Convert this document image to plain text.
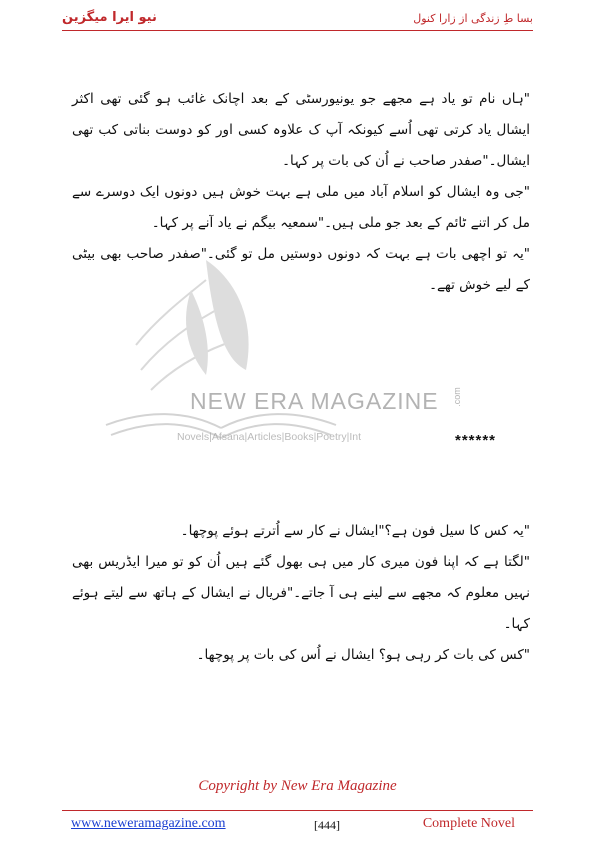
نیو ایرا میگزین	بسا طِ زندگی از زارا کنول
NEW ERA MAGAZINE .com
Novels|Afsana|Articles|Books|Poetry|Int

"ہاں نام تو یاد ہے مجھے جو یونیورسٹی کے بعد اچانک غائب ہو گئی تھی اکثر ایشال یاد کرتی تھی اُسے کیونکہ آپ ک علاوہ کسی اور کو دوست بناتی کب تھی ایشال۔"صفدر صاحب نے اُن کی بات پر کہا۔

"جی وہ ایشال کو اسلام آباد میں ملی ہے بہت خوش ہیں دونوں ایک دوسرے سے مل کر اتنے ٹائم کے بعد جو ملی ہیں۔"سمعیہ بیگم نے یاد آنے پر کہا۔

"یہ تو اچھی بات ہے بہت کہ دونوں دوستیں مل تو گئی۔"صفدر صاحب بھی بیٹی کے لیے خوش تھے۔

******

"یہ کس کا سیل فون ہے؟"ایشال نے کار سے اُترتے ہوئے پوچھا۔

"لگتا ہے کہ اپنا فون میری کار میں ہی بھول گئے ہیں اُن کو تو میرا ایڈریس بھی نہیں معلوم کہ مجھے سے لینے ہی آ جاتے۔"فریال نے ایشال کے ہاتھ سے لیتے ہوئے کہا۔

"کس کی بات کر رہی ہو؟ ایشال نے اُس کی بات پر پوچھا۔

Copyright by New Era Magazine
www.neweramagazine.com	[444]	Complete Novel
